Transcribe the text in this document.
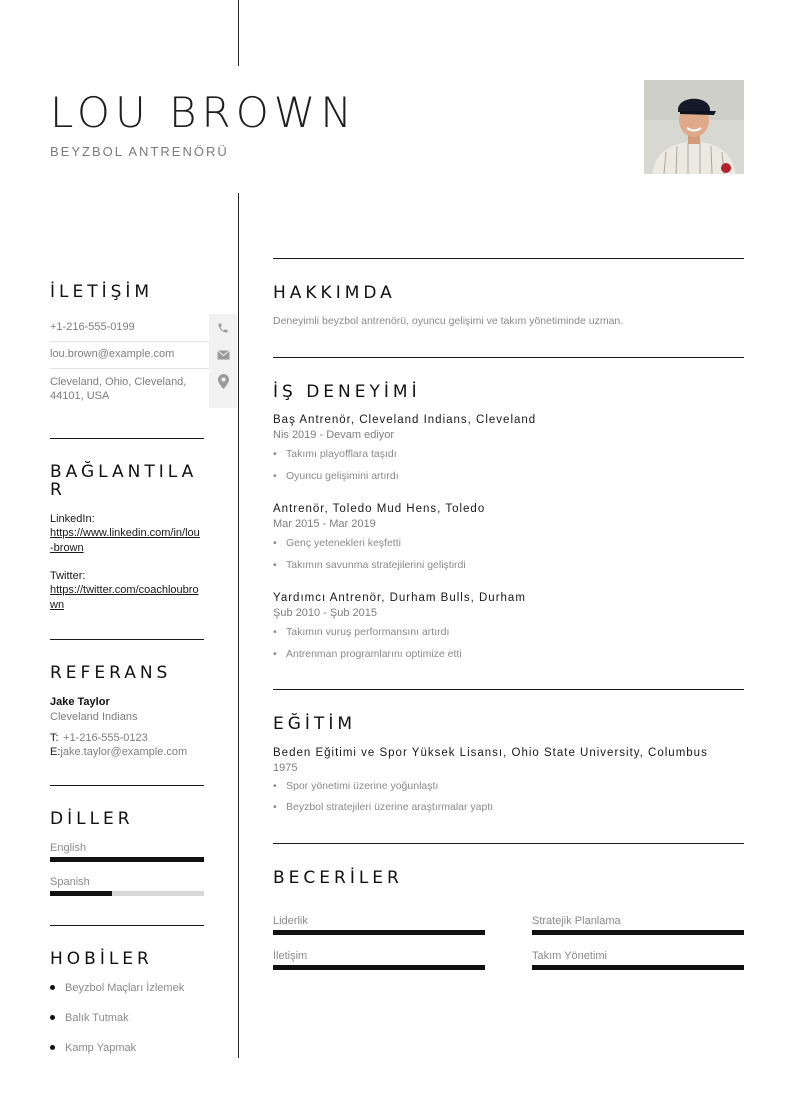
LOU BROWN
BEYZBOL ANTRENÖRÜ
İLETİŞİM
+1-216-555-0199
lou.brown@example.com
Cleveland, Ohio, Cleveland, 44101, USA
BAĞLANTILAR
LinkedIn:
https://www.linkedin.com/in/lou-brown
Twitter:
https://twitter.com/coachloubrown
REFERANS
Jake Taylor
Cleveland Indians
T: +1-216-555-0123
E:jake.taylor@example.com
DİLLER
English
Spanish
HOBİLER
Beyzbol Maçları İzlemek
Balık Tutmak
Kamp Yapmak
HAKKIMDA
Deneyimli beyzbol antrenörü, oyuncu gelişimi ve takım yönetiminde uzman.
İŞ DENEYİMİ
Baş Antrenör, Cleveland Indians, Cleveland
Nis 2019 - Devam ediyor
• Takımı playofflara taşıdı
• Oyuncu gelişimini artırdı
Antrenör, Toledo Mud Hens, Toledo
Mar 2015 - Mar 2019
• Genç yetenekleri keşfetti
• Takımın savunma stratejilerini geliştirdi
Yardımcı Antrenör, Durham Bulls, Durham
Şub 2010 - Şub 2015
• Takımın vuruş performansını artırdı
• Antrenman programlarını optimize etti
EĞİTİM
Beden Eğitimi ve Spor Yüksek Lisansı, Ohio State University, Columbus
1975
• Spor yönetimi üzerine yoğunlaştı
• Beyzbol stratejileri üzerine araştırmalar yaptı
BECERİLER
Liderlik	Stratejik Planlama
İletişim	Takım Yönetimi
